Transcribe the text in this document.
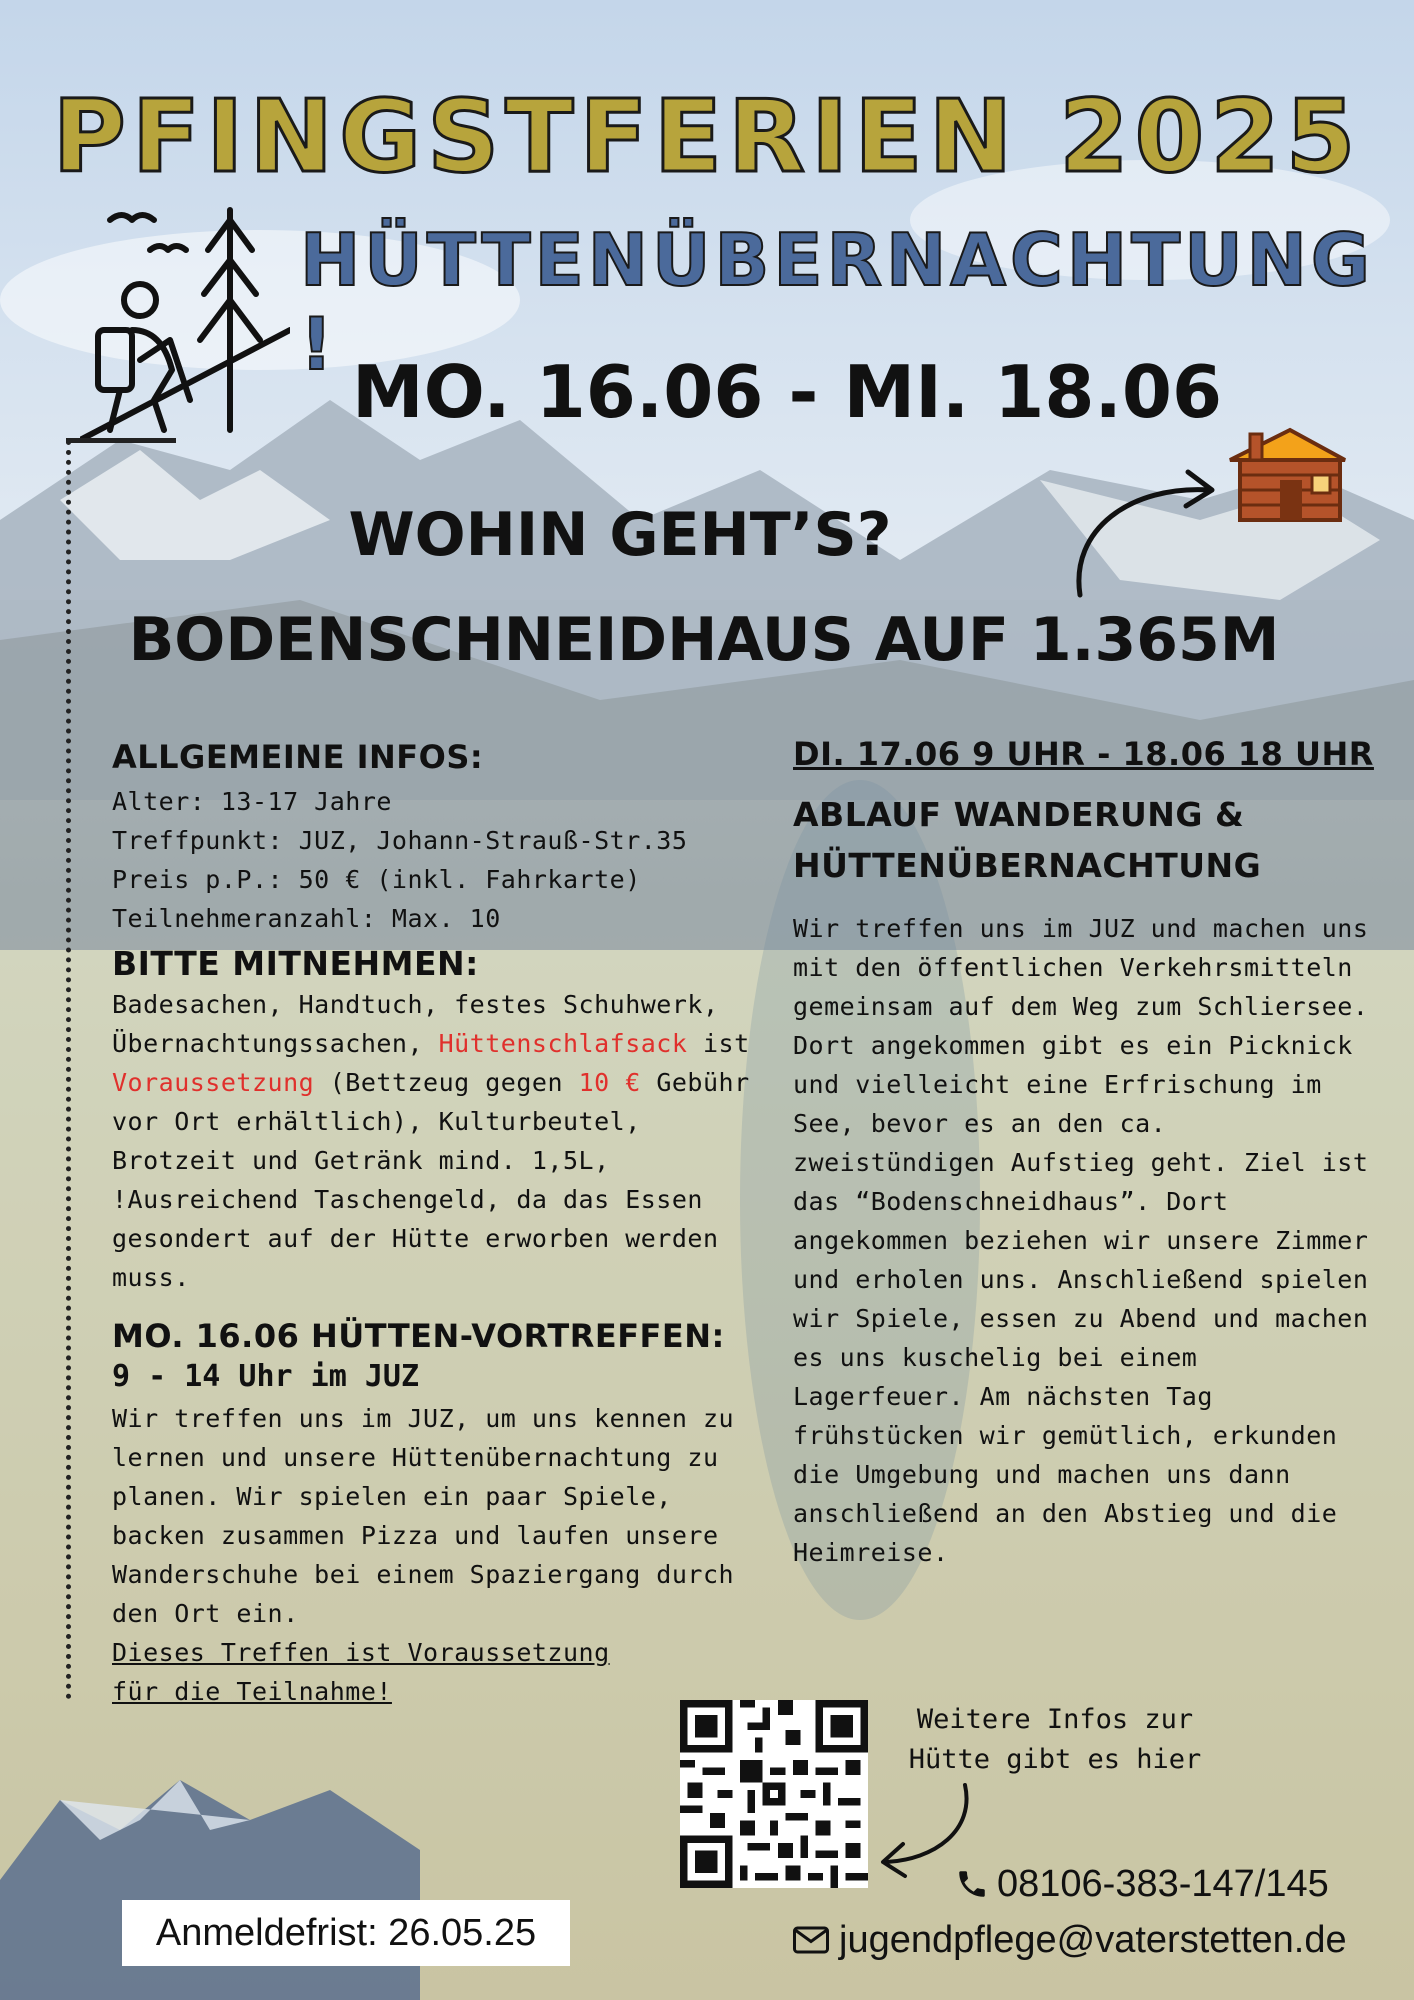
PFINGSTFERIEN 2025
HÜTTENÜBERNACHTUNG !
MO. 16.06 - MI. 18.06
WOHIN GEHT’S?
BODENSCHNEIDHAUS AUF 1.365M
ALLGEMEINE INFOS:
Alter: 13-17 Jahre
Treffpunkt: JUZ, Johann-Strauß-Str.35
Preis p.P.: 50 € (inkl. Fahrkarte)
Teilnehmeranzahl: Max. 10
BITTE MITNEHMEN:
Badesachen, Handtuch, festes Schuhwerk, Übernachtungssachen, Hüttenschlafsack ist Voraussetzung (Bettzeug gegen 10 € Gebühr vor Ort erhältlich), Kulturbeutel, Brotzeit und Getränk mind. 1,5L, !Ausreichend Taschengeld, da das Essen gesondert auf der Hütte erworben werden muss.
MO. 16.06 HÜTTEN-VORTREFFEN:
9 - 14 Uhr im JUZ
Wir treffen uns im JUZ, um uns kennen zu lernen und unsere Hüttenübernachtung zu planen. Wir spielen ein paar Spiele, backen zusammen Pizza und laufen unsere Wanderschuhe bei einem Spaziergang durch den Ort ein.
Dieses Treffen ist Voraussetzung für die Teilnahme!
DI. 17.06 9 UHR - 18.06 18 UHR
ABLAUF WANDERUNG &
HÜTTENÜBERNACHTUNG
Wir treffen uns im JUZ und machen uns mit den öffentlichen Verkehrsmitteln gemeinsam auf dem Weg zum Schliersee. Dort angekommen gibt es ein Picknick und vielleicht eine Erfrischung im See, bevor es an den ca. zweistündigen Aufstieg geht. Ziel ist das “Bodenschneidhaus”. Dort angekommen beziehen wir unsere Zimmer und erholen uns. Anschließend spielen wir Spiele, essen zu Abend und machen es uns kuschelig bei einem Lagerfeuer. Am nächsten Tag frühstücken wir gemütlich, erkunden die Umgebung und machen uns dann anschließend an den Abstieg und die Heimreise.
Weitere Infos zur
Hütte gibt es hier
Anmeldefrist: 26.05.25
08106-383-147/145
jugendpflege@vaterstetten.de
